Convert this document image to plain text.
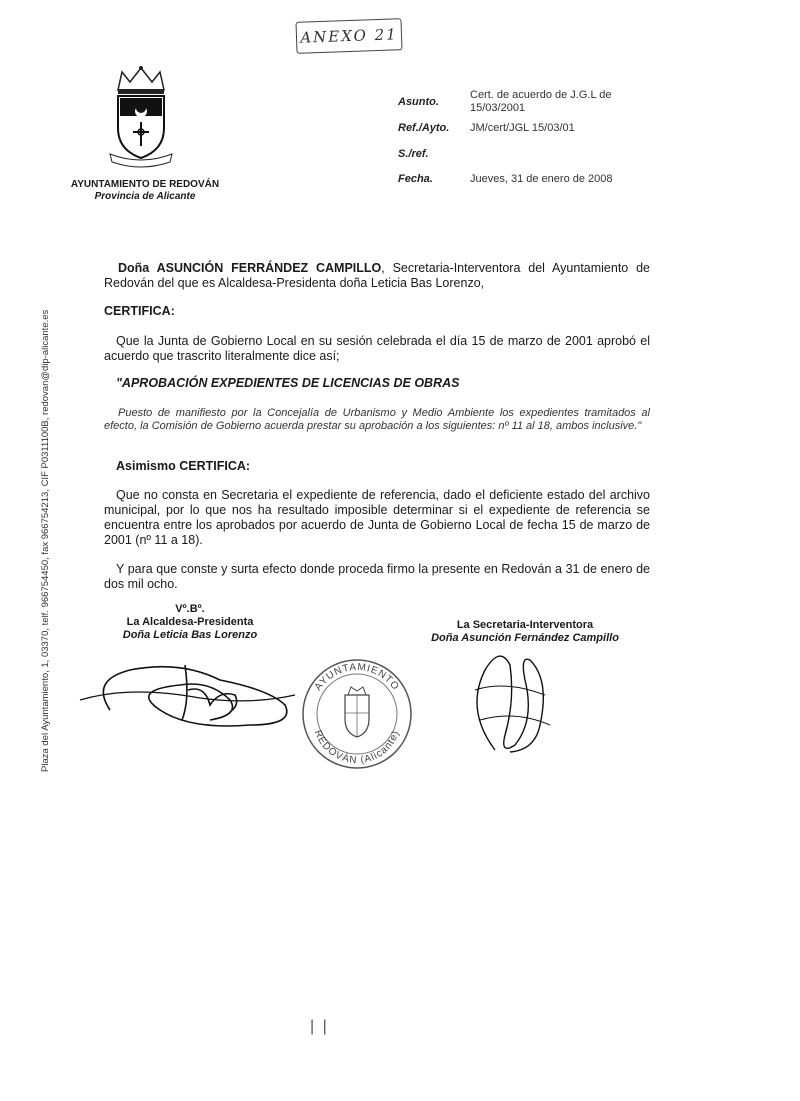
ANEXO 21
AYUNTAMIENTO DE REDOVÁN
Provincia de Alicante
Asunto.
Cert. de acuerdo de J.G.L de
15/03/2001
Ref./Ayto. JM/cert/JGL 15/03/01
S./ref.
Fecha.	Jueves, 31 de enero de 2008
Plaza del Ayuntamiento, 1, 03370, telf. 966754450, fax 966754213, CIF P0311100B, redovan@dip-alicante.es
Doña ASUNCIÓN FERRÁNDEZ CAMPILLO, Secretaria-Interventora del Ayuntamiento de Redován del que es Alcaldesa-Presidenta doña Leticia Bas Lorenzo,
CERTIFICA:
Que la Junta de Gobierno Local en su sesión celebrada el día 15 de marzo de 2001 aprobó el acuerdo que trascrito literalmente dice así;
"APROBACIÓN EXPEDIENTES DE LICENCIAS DE OBRAS
Puesto de manifiesto por la Concejalía de Urbanismo y Medio Ambiente los expedientes tramitados al efecto, la Comisión de Gobierno acuerda prestar su aprobación a los siguientes: nº 11 al 18, ambos inclusive."
Asimismo CERTIFICA:
Que no consta en Secretaria el expediente de referencia, dado el deficiente estado del archivo municipal, por lo que nos ha resultado imposible determinar si el expediente de referencia se encuentra entre los aprobados por acuerdo de Junta de Gobierno Local de fecha 15 de marzo de 2001 (nº 11 a 18).
Y para que conste y surta efecto donde proceda firmo la presente en Redován a 31 de enero de dos mil ocho.
Vº.Bº.
La Alcaldesa-Presidenta
Doña Leticia Bas Lorenzo
La Secretaria-Interventora
Doña Asunción Fernández Campillo
AYUNTAMIENTO
REDOVÁN (Alicante)
| |
